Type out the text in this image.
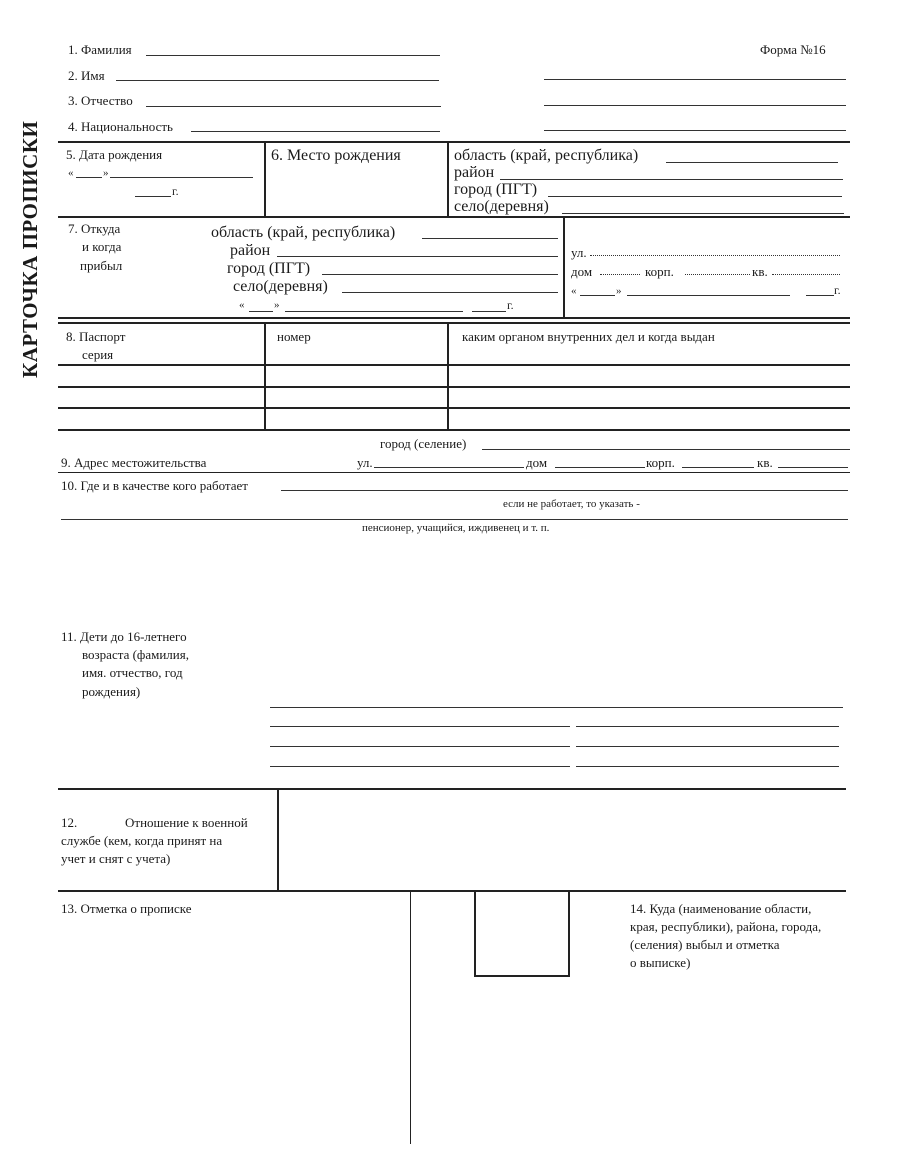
КАРТОЧКА ПРОПИСКИ
Форма №16
1. Фамилия
2. Имя
3. Отчество
4. Национальность
5. Дата рождения
«	»
г.
6. Место рождения	область (край, республика)
район
город (ПГТ)
село(деревня)
7. Откуда
и когда
прибыл
область (край, республика)
район
город (ПГТ)
село(деревня)
«	»	г.
ул.
дом	корп.	кв.
«	»	г.
8. Паспорт
серия
номер	каким органом внутренних дел и когда выдан
город (селение)
9. Адрес местожительства	ул.	дом	корп.	кв.
10. Где и в качестве кого работает
если не работает, то указать -
пенсионер, учащийся, иждивенец и т. п.
11. Дети до 16-летнего
возраста (фамилия,
имя. отчество, год
рождения)
12.	Отношение к военной
службе (кем, когда принят на
учет и снят с учета)
13. Отметка о прописке	14. Куда (наименование области,
края, республики), района, города,
(селения) выбыл и отметка
о выписке)
